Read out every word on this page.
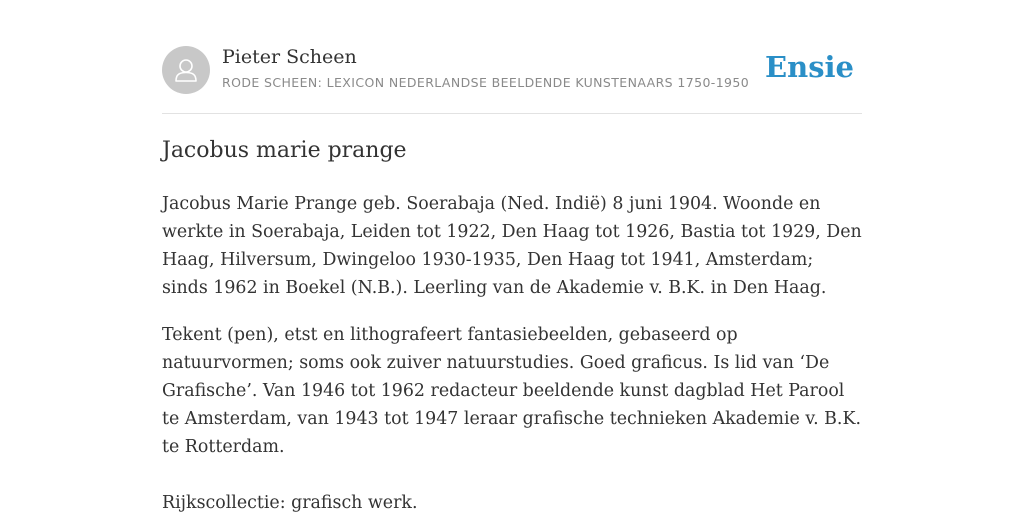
Pieter Scheen
RODE SCHEEN: LEXICON NEDERLANDSE BEELDENDE KUNSTENAARS 1750-1950 Ensie
Jacobus marie prange

Jacobus Marie Prange geb. Soerabaja (Ned. Indië) 8 juni 1904. Woonde en werkte in Soerabaja, Leiden tot 1922, Den Haag tot 1926, Bastia tot 1929, Den Haag, Hilversum, Dwingeloo 1930-1935, Den Haag tot 1941, Amsterdam; sinds 1962 in Boekel (N.B.). Leerling van de Akademie v. B.K. in Den Haag.

Tekent (pen), etst en lithografeert fantasiebeelden, gebaseerd op natuurvormen; soms ook zuiver natuurstudies. Goed graficus. Is lid van ‘De Grafische’. Van 1946 tot 1962 redacteur beeldende kunst dagblad Het Parool te Amsterdam, van 1943 tot 1947 leraar grafische technieken Akademie v. B.K. te Rotterdam.

Rijkscollectie: grafisch werk.
